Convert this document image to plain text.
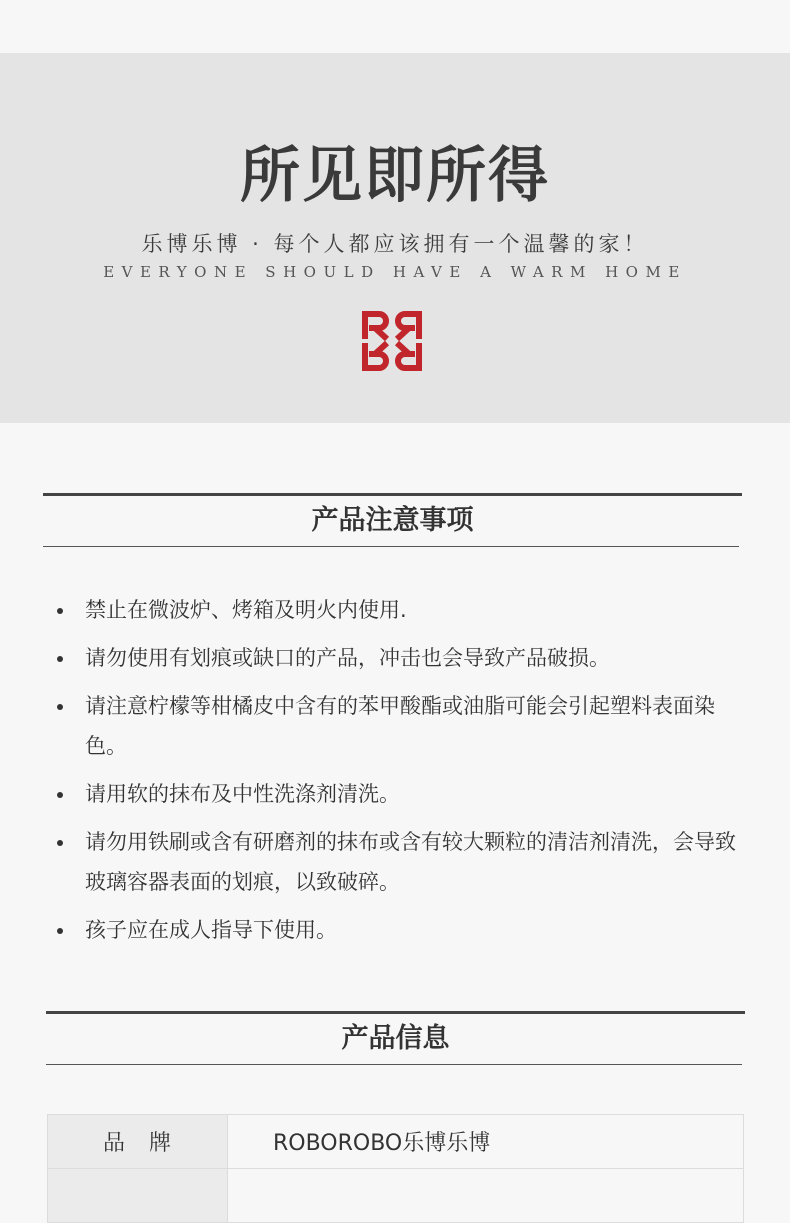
所见即所得
乐博乐博 · 每个人都应该拥有一个温馨的家！
EVERYONE SHOULD HAVE A WARM HOME
产品注意事项
禁止在微波炉、烤箱及明火内使用.
请勿使用有划痕或缺口的产品，冲击也会导致产品破损。
请注意柠檬等柑橘皮中含有的苯甲酸酯或油脂可能会引起塑料表面染色。
请用软的抹布及中性洗涤剂清洗。
请勿用铁刷或含有研磨剂的抹布或含有较大颗粒的清洁剂清洗，会导致玻璃容器表面的划痕，以致破碎。
孩子应在成人指导下使用。
产品信息
品牌	ROBOROBO乐博乐博
